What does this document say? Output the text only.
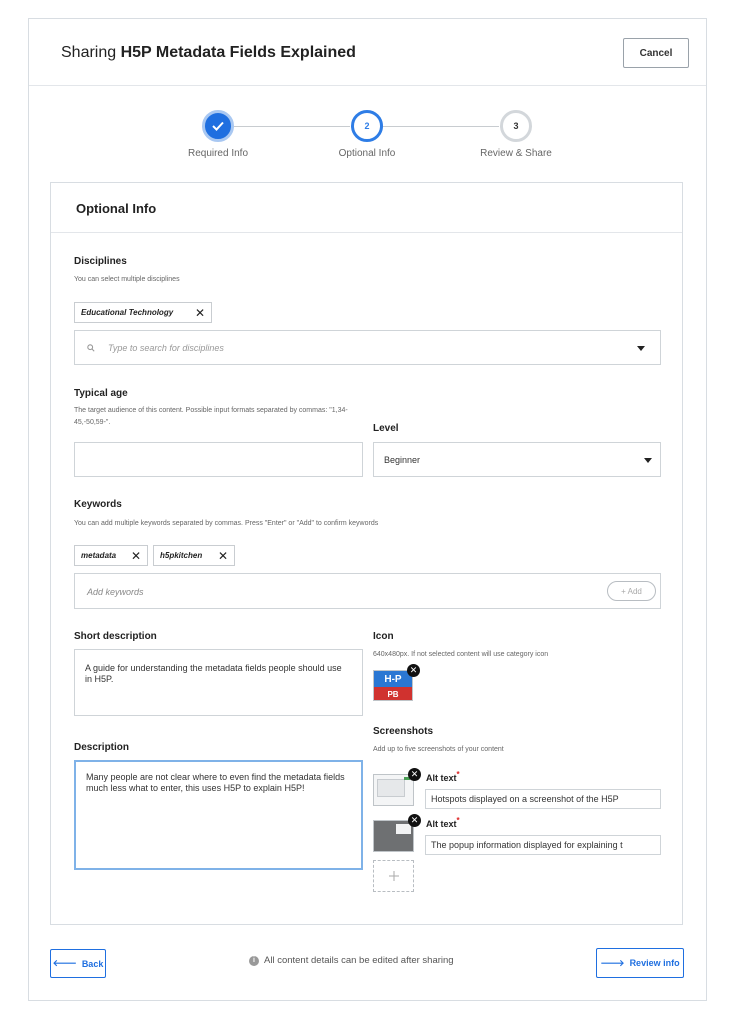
Sharing H5P Metadata Fields Explained	Cancel
2	3
Required Info	Optional Info	Review & Share
Optional Info
Disciplines
You can select multiple disciplines
Educational Technology ✕
Type to search for disciplines
Typical age
The target audience of this content. Possible input formats separated by commas: "1,34-45,-50,59-".
Level
Beginner
Keywords
You can add multiple keywords separated by commas. Press "Enter" or "Add" to confirm keywords
metadata ✕ h5pkitchen ✕
Add keywords	+ Add
Short description
A guide for understanding the metadata fields people should use in H5P.
Icon
640x480px. If not selected content will use category icon
H-P
PB
✕
Description
Many people are not clear where to even find the metadata fields much less what to enter, this uses H5P to explain H5P!
Screenshots
Add up to five screenshots of your content
✕ Alt text*
Hotspots displayed on a screenshot of the H5P
✕ Alt text*
The popup information displayed for explaining t
🡐 Back	i All content details can be edited after sharing	🡒 Review info
